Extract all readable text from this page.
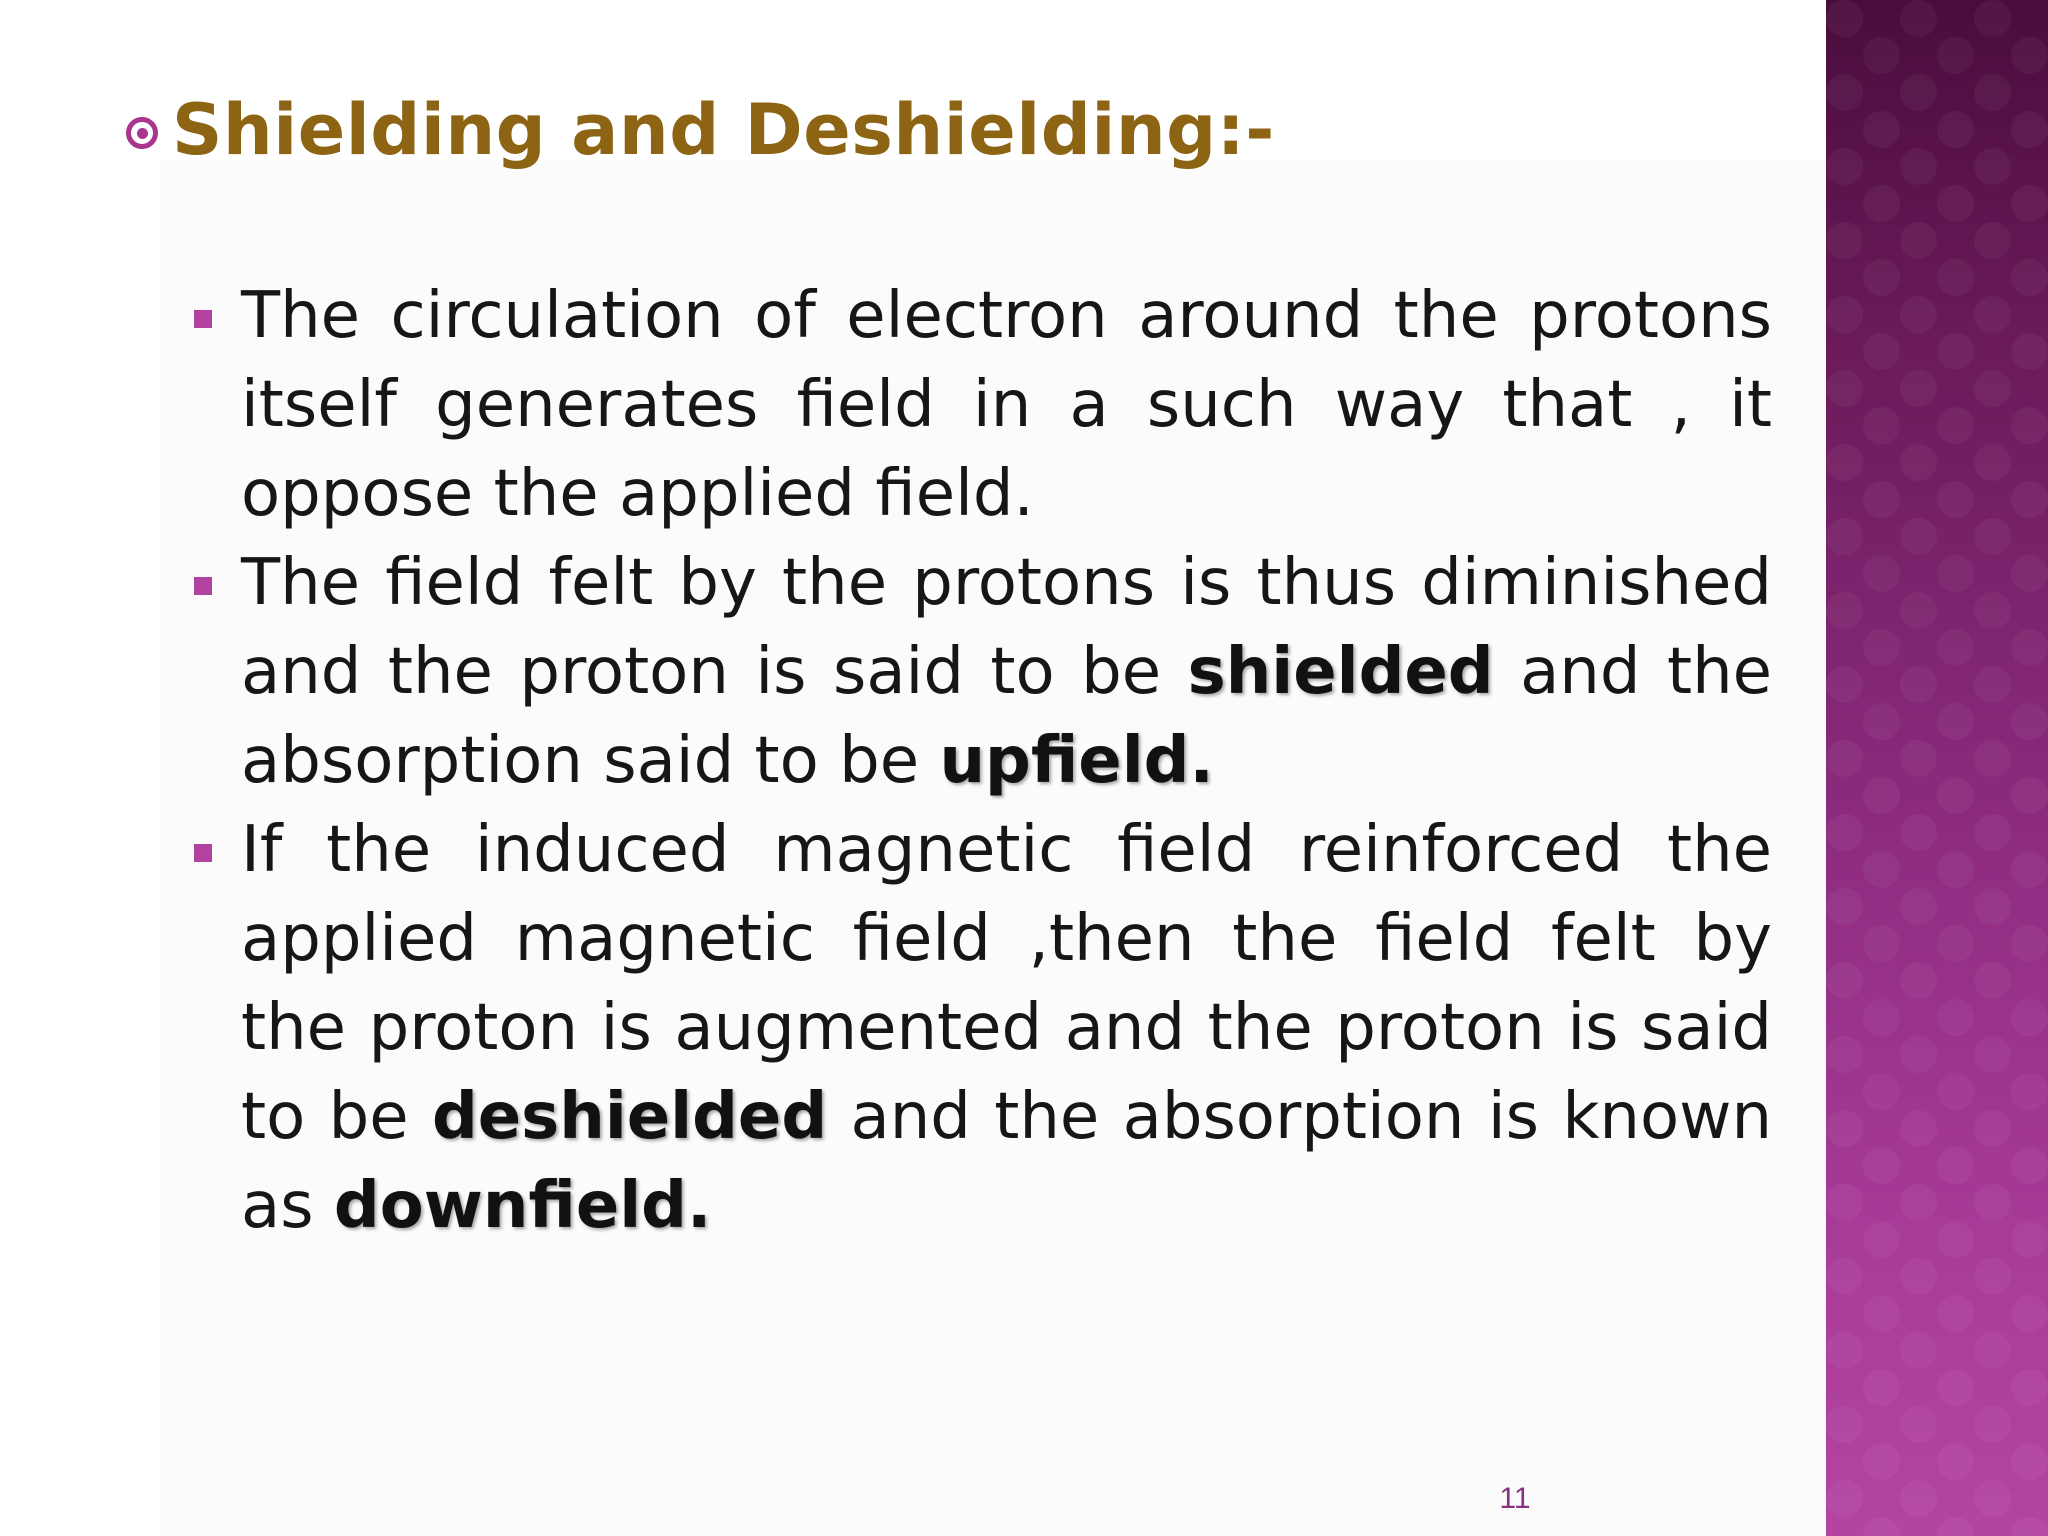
Shielding and Deshielding:-
The circulation of electron around the protons itself generates field in a such way that , it oppose the applied field.
The field felt by the protons is thus diminished and the proton is said to be shielded and the absorption said to be upfield.
If the induced magnetic field reinforced the applied magnetic field ,then the field felt by the proton is augmented and the proton is said to be deshielded and the absorption is known as downfield.
11
